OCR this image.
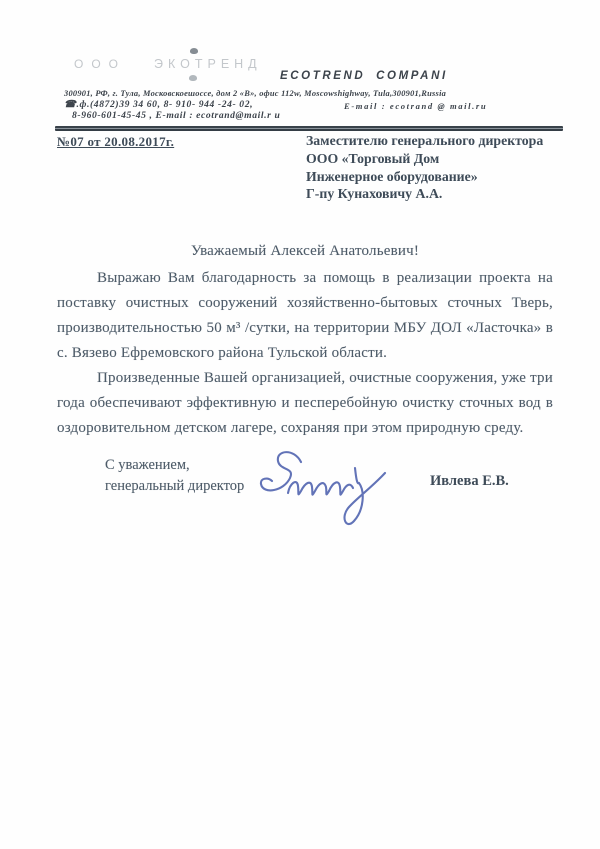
ООО ЭКОТРЕНД
ECOTREND COMPANI
300901, РФ, г. Тула, Московскоешоссе, дом 2 «В», офис 112w, Moscowshighway, Tula,300901,Russia
☎.ф.(4872)39 34 60, 8- 910- 944 -24- 02,	E-mail : ecotrand @ mail.ru
8-960-601-45-45 , E-mail : ecotrand@mail.r u
№07 от 20.08.2017г.	Заместителю генерального директора
ООО «Торговый Дом
Инженерное оборудование»
Г-пу Кунаховичу А.А.
Уважаемый Алексей Анатольевич!

Выражаю Вам благодарность за помощь в реализации проекта на поставку очистных сооружений хозяйственно-бытовых сточных Тверь, производительностью 50 м³ /сутки, на территории МБУ ДОЛ «Ласточка» в с. Вязево Ефремовского района Тульской области.

Произведенные Вашей организацией, очистные сооружения, уже три года обеспечивают эффективную и песперебойную очистку сточных вод в оздоровительном детском лагере, сохраняя при этом природную среду.

С уважением,
генеральный директор	Ивлева Е.В.
